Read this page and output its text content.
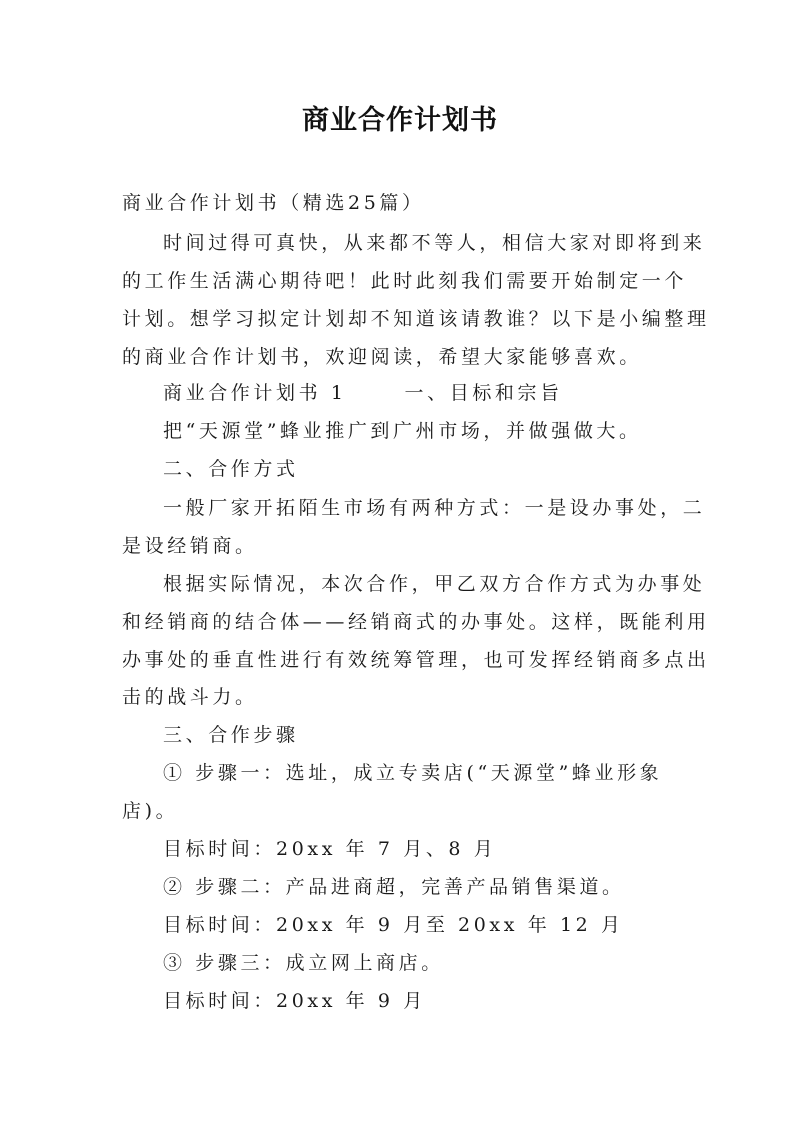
商业合作计划书
商业合作计划书（精选25篇）
时间过得可真快，从来都不等人，相信大家对即将到来
的工作生活满心期待吧！此时此刻我们需要开始制定一个
计划。想学习拟定计划却不知道该请教谁？以下是小编整理
的商业合作计划书，欢迎阅读，希望大家能够喜欢。
商业合作计划书 1	一、目标和宗旨
把“天源堂”蜂业推广到广州市场，并做强做大。
二、合作方式
一般厂家开拓陌生市场有两种方式：一是设办事处，二
是设经销商。
根据实际情况，本次合作，甲乙双方合作方式为办事处
和经销商的结合体——经销商式的办事处。这样，既能利用
办事处的垂直性进行有效统筹管理，也可发挥经销商多点出
击的战斗力。
三、合作步骤
① 步骤一：选址，成立专卖店(“天源堂”蜂业形象
店)。
目标时间：20xx 年 7 月、8 月
② 步骤二：产品进商超，完善产品销售渠道。
目标时间：20xx 年 9 月至 20xx 年 12 月
③ 步骤三：成立网上商店。
目标时间：20xx 年 9 月
